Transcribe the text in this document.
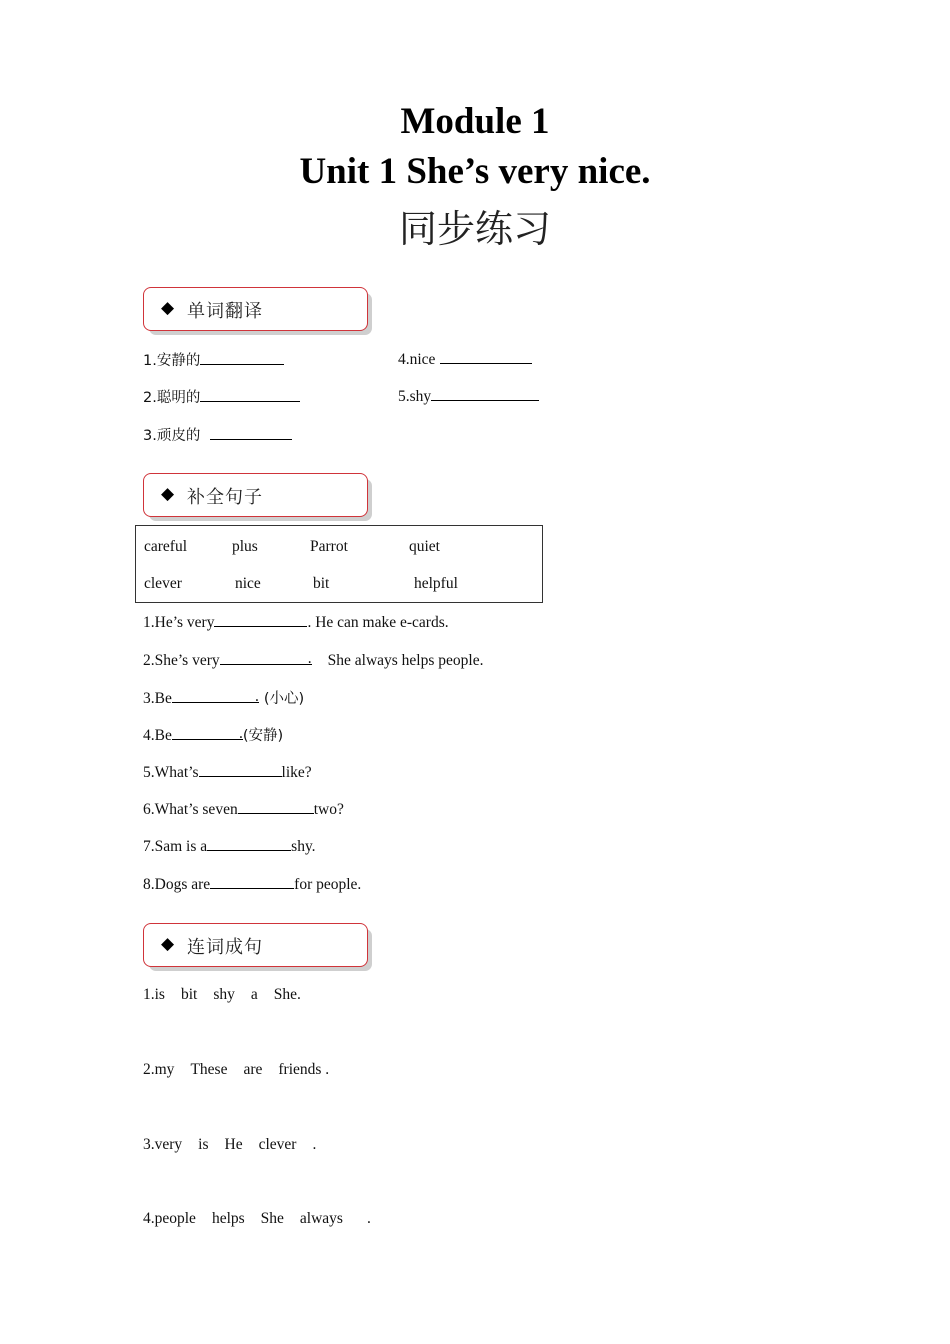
Module 1
Unit 1 She’s very nice.
同步练习
◆ 单词翻译
1.安静的
2.聪明的
3.顽皮的
4.nice
5.shy
◆ 补全句子
careful	plus	Parrot	quiet
clever	nice	bit	helpful
1.He’s very	. He can make e-cards.
2.She’s very	. She always helps people.
3.Be	. (小心)
4.Be	. (安静)
5.What’s	like?
6.What’s seven	two?
7.Sam is a	shy.
8.Dogs are	for people.
◆ 连词成句
1.is bit shy a She.
2.my These are friends .
3.very is He clever .
4.people helps She always .
